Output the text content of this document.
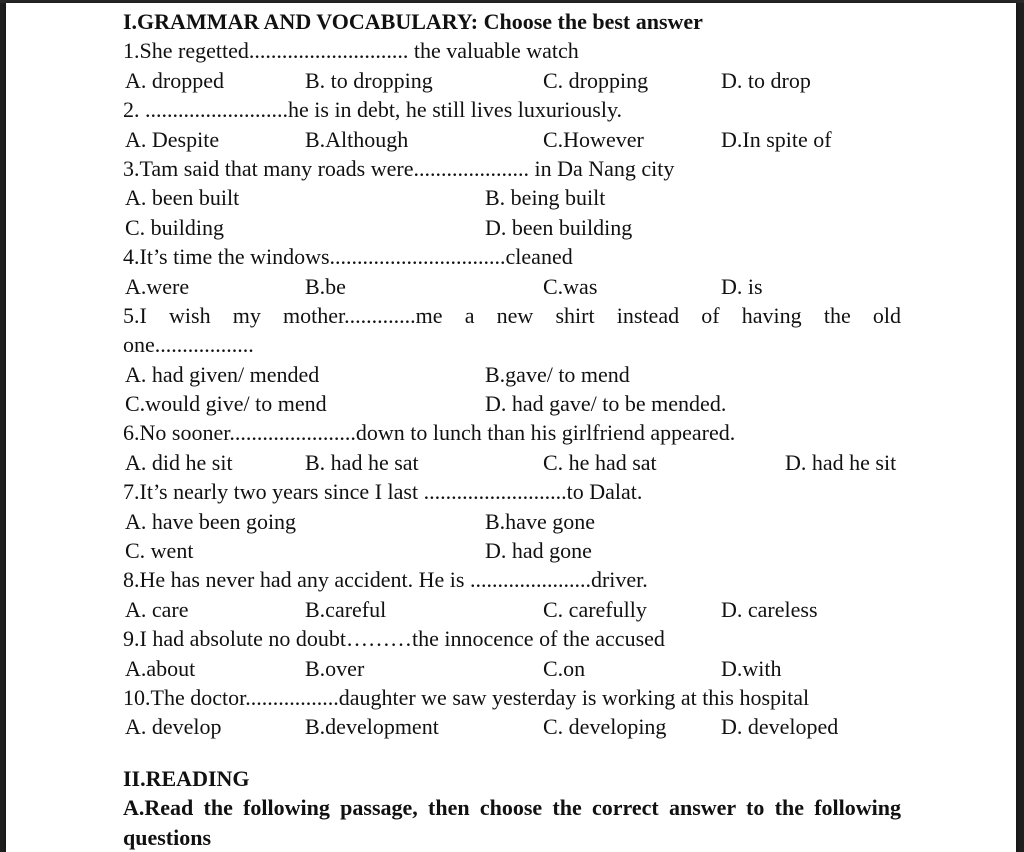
I.GRAMMAR AND VOCABULARY: Choose the best answer
1.She regetted............................. the valuable watch
A. dropped	B. to dropping	C. dropping	D. to drop
2. ..........................he is in debt, he still lives luxuriously.
A. Despite	B.Although	C.However	D.In spite of
3.Tam said that many roads were..................... in Da Nang city
A. been built	B. being built
C. building	D. been building
4.It’s time the windows................................cleaned
A.were	B.be	C.was	D. is
5.I wish my mother.............me a new shirt instead of having the old
one..................
A. had given/ mended	B.gave/ to mend
C.would give/ to mend	D. had gave/ to be mended.
6.No sooner.......................down to lunch than his girlfriend appeared.
A. did he sit	B. had he sat	C. he had sat	D. had he sit
7.It’s nearly two years since I last ..........................to Dalat.
A. have been going	B.have gone
C. went	D. had gone
8.He has never had any accident. He is ......................driver.
A. care	B.careful	C. carefully	D. careless
9.I had absolute no doubt………the innocence of the accused
A.about	B.over	C.on	D.with
10.The doctor.................daughter we saw yesterday is working at this hospital
A. develop	B.development	C. developing D. developed
II.READING
A.Read the following passage, then choose the correct answer to the following
questions
